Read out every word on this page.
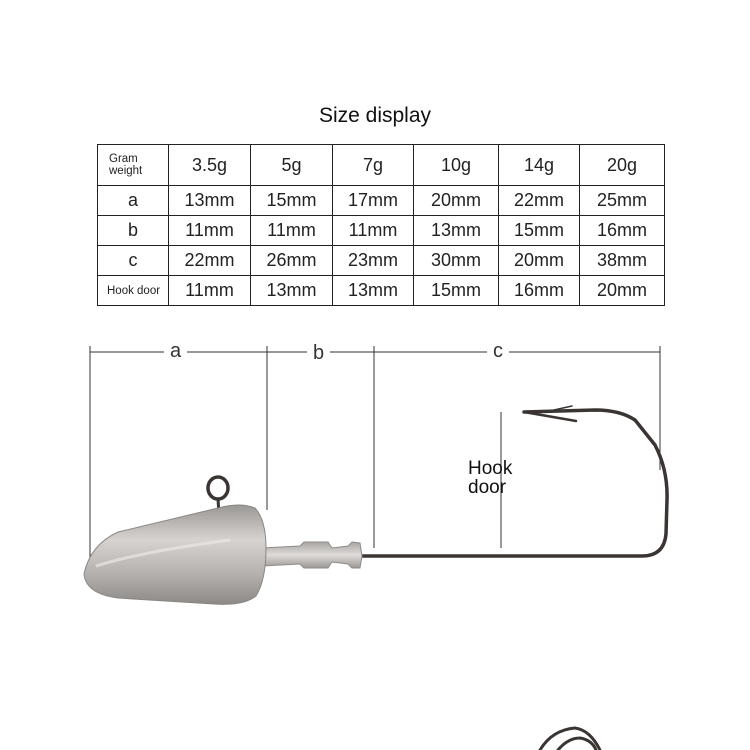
Size display
Gram weight	3.5g	5g	7g	10g	14g	20g
a	13mm	15mm	17mm	20mm	22mm	25mm
b	11mm	11mm	11mm	13mm	15mm	16mm
c	22mm	26mm	23mm	30mm	20mm	38mm
Hook door	11mm	13mm	13mm	15mm	16mm	20mm
a	b	c
Hook
door
